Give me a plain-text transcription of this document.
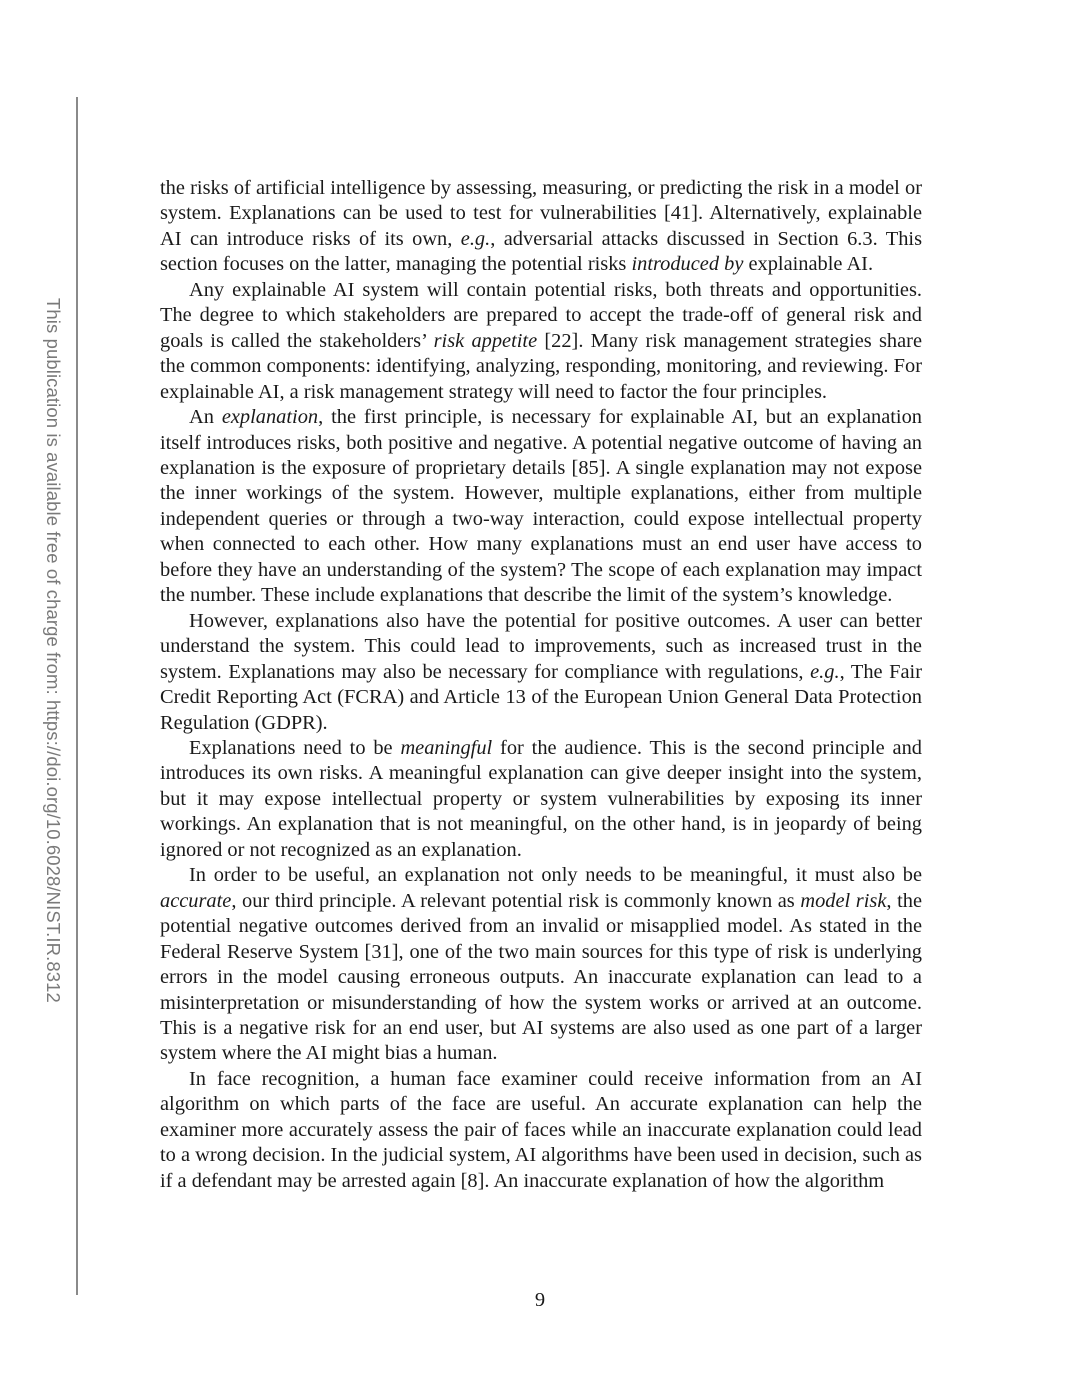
This publication is available free of charge from: https://doi.org/10.6028/NIST.IR.8312

the risks of artificial intelligence by assessing, measuring, or predicting the risk in a model or system. Explanations can be used to test for vulnerabilities [41]. Alternatively, explainable AI can introduce risks of its own, e.g., adversarial attacks discussed in Section 6.3. This section focuses on the latter, managing the potential risks introduced by explainable AI.

Any explainable AI system will contain potential risks, both threats and opportunities. The degree to which stakeholders are prepared to accept the trade-off of general risk and goals is called the stakeholders’ risk appetite [22]. Many risk management strategies share the common components: identifying, analyzing, responding, monitoring, and reviewing. For explainable AI, a risk management strategy will need to factor the four principles.

An explanation, the first principle, is necessary for explainable AI, but an explanation itself introduces risks, both positive and negative. A potential negative outcome of having an explanation is the exposure of proprietary details [85]. A single explanation may not expose the inner workings of the system. However, multiple explanations, either from multiple independent queries or through a two-way interaction, could expose intellectual property when connected to each other. How many explanations must an end user have access to before they have an understanding of the system? The scope of each explanation may impact the number. These include explanations that describe the limit of the system’s knowledge.

However, explanations also have the potential for positive outcomes. A user can better understand the system. This could lead to improvements, such as increased trust in the system. Explanations may also be necessary for compliance with regulations, e.g., The Fair Credit Reporting Act (FCRA) and Article 13 of the European Union General Data Protection Regulation (GDPR).

Explanations need to be meaningful for the audience. This is the second principle and introduces its own risks. A meaningful explanation can give deeper insight into the system, but it may expose intellectual property or system vulnerabilities by exposing its inner workings. An explanation that is not meaningful, on the other hand, is in jeopardy of being ignored or not recognized as an explanation.

In order to be useful, an explanation not only needs to be meaningful, it must also be accurate, our third principle. A relevant potential risk is commonly known as model risk, the potential negative outcomes derived from an invalid or misapplied model. As stated in the Federal Reserve System [31], one of the two main sources for this type of risk is underlying errors in the model causing erroneous outputs. An inaccurate explanation can lead to a misinterpretation or misunderstanding of how the system works or arrived at an outcome. This is a negative risk for an end user, but AI systems are also used as one part of a larger system where the AI might bias a human.

In face recognition, a human face examiner could receive information from an AI algorithm on which parts of the face are useful. An accurate explanation can help the examiner more accurately assess the pair of faces while an inaccurate explanation could lead to a wrong decision. In the judicial system, AI algorithms have been used in decision, such as if a defendant may be arrested again [8]. An inaccurate explanation of how the algorithm

9
